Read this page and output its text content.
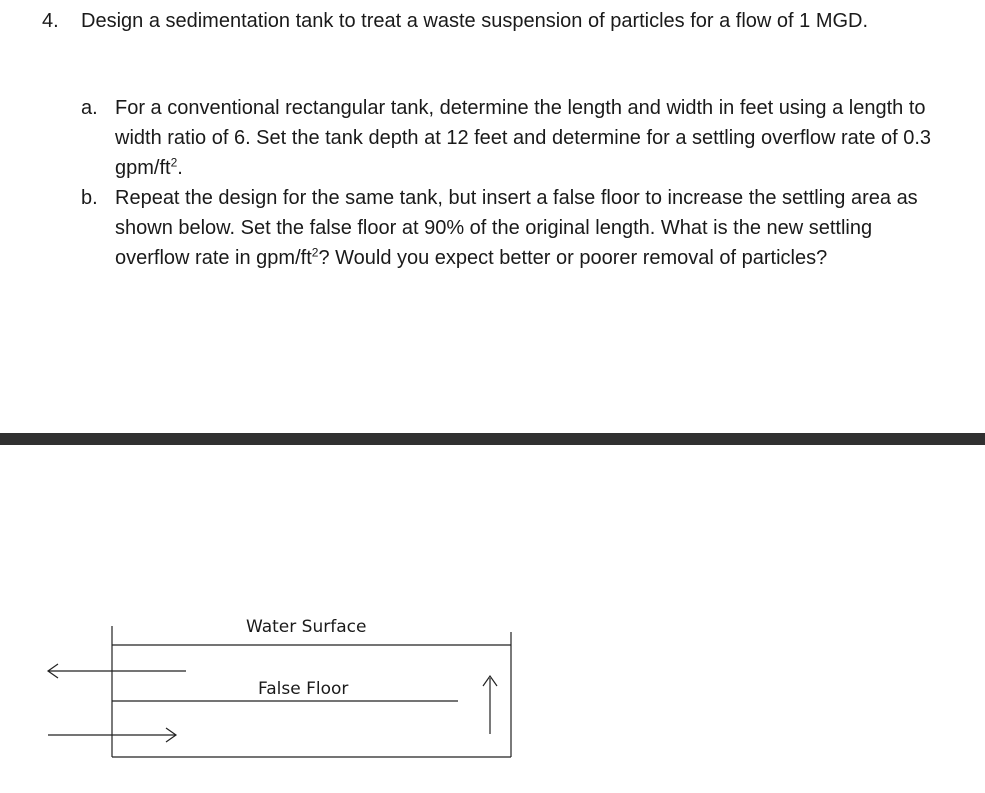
4. Design a sedimentation tank to treat a waste suspension of particles for a flow of 1 MGD.
a. For a conventional rectangular tank, determine the length and width in feet using a length to width ratio of 6. Set the tank depth at 12 feet and determine for a settling overflow rate of 0.3 gpm/$ft^2$.
b. Repeat the design for the same tank, but insert a false floor to increase the settling area as shown below. Set the false floor at 90% of the original length. What is the new settling overflow rate in gpm/$ft^2$? Would you expect better or poorer removal of particles?
Water Surface
False Floor
